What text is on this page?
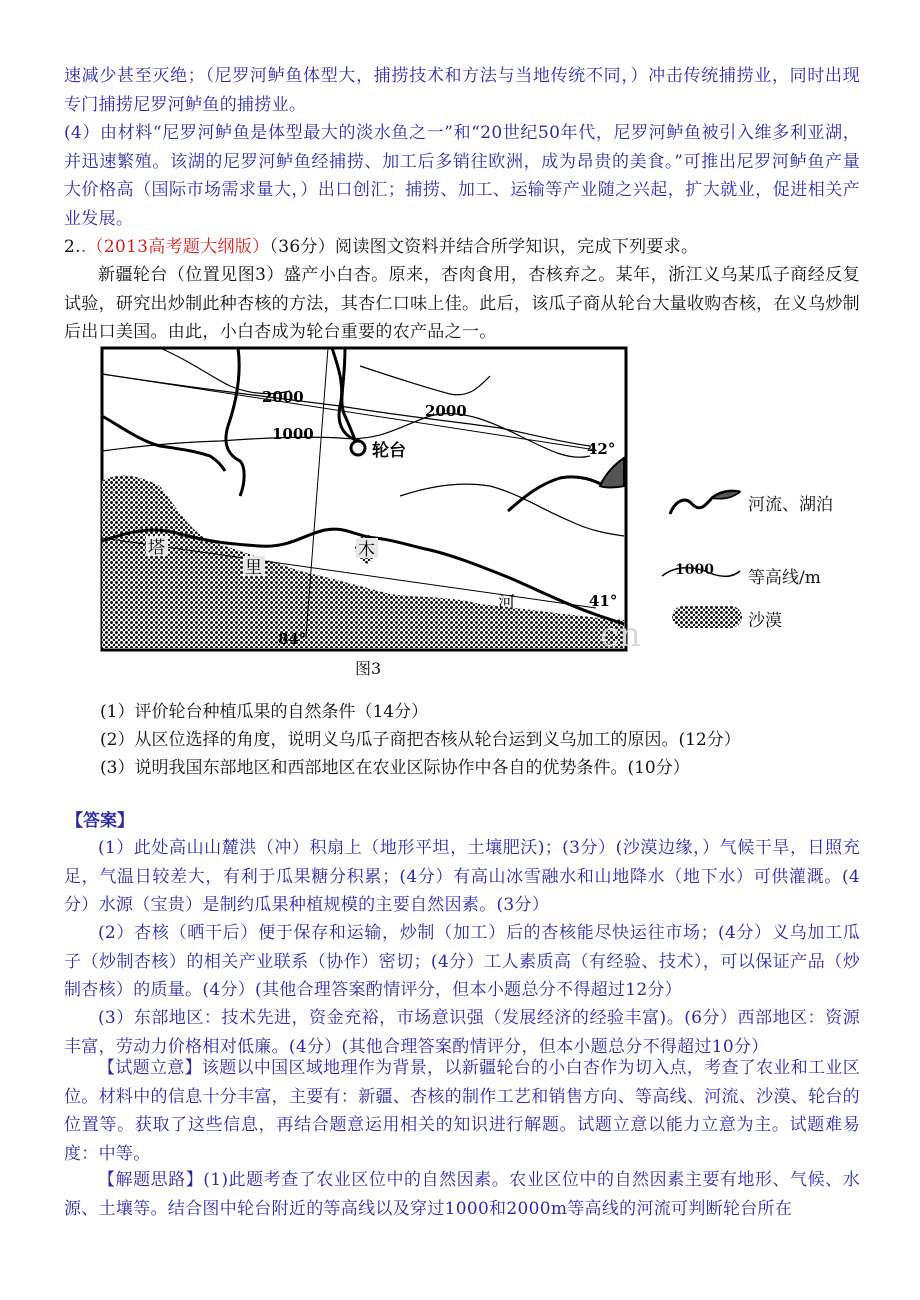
速减少甚至灭绝；（尼罗河鲈鱼体型大，捕捞技术和方法与当地传统不同，）冲击传统捕捞业，同时出现专门捕捞尼罗河鲈鱼的捕捞业。

(4）由材料“尼罗河鲈鱼是体型最大的淡水鱼之一”和“20世纪50年代，尼罗河鲈鱼被引入维多利亚湖，并迅速繁殖。该湖的尼罗河鲈鱼经捕捞、加工后多销往欧洲，成为昂贵的美食。”可推出尼罗河鲈鱼产量大价格高（国际市场需求量大，）出口创汇；捕捞、加工、运输等产业随之兴起，扩大就业，促进相关产业发展。

2..（2013高考题大纲版）（36分）阅读图文资料并结合所学知识，完成下列要求。

新疆轮台（位置见图3）盛产小白杏。原来，杏肉食用，杏核弃之。某年，浙江义乌某瓜子商经反复试验，研究出炒制此种杏核的方法，其杏仁口味上佳。此后，该瓜子商从轮台大量收购杏核，在义乌炒制后出口美国。由此，小白杏成为轮台重要的农产品之一。

2000
2000
1000
轮台	42°
41°
84°
塔
里
木
河
cn
1000
河流、湖泊
等高线/m
沙漠
图3
(1）评价轮台种植瓜果的自然条件（14分）
(2）从区位选择的角度，说明义乌瓜子商把杏核从轮台运到义乌加工的原因。(12分）
(3）说明我国东部地区和西部地区在农业区际协作中各自的优势条件。(10分）
【答案】

(1）此处高山山麓洪（冲）积扇上（地形平坦，土壤肥沃)；(3分）(沙漠边缘，）气候干旱，日照充足，气温日较差大，有利于瓜果糖分积累；(4分）有高山冰雪融水和山地降水（地下水）可供灌溉。(4分）水源（宝贵）是制约瓜果种植规模的主要自然因素。(3分）

(2）杏核（晒干后）便于保存和运输，炒制（加工）后的杏核能尽快运往市场；(4分）义乌加工瓜子（炒制杏核）的相关产业联系（协作）密切；(4分）工人素质高（有经验、技术），可以保证产品（炒制杏核）的质量。(4分）(其他合理答案酌情评分，但本小题总分不得超过12分）

(3）东部地区：技术先进，资金充裕，市场意识强（发展经济的经验丰富)。(6分）西部地区：资源丰富，劳动力价格相对低廉。(4分）(其他合理答案酌情评分，但本小题总分不得超过10分）

【试题立意】该题以中国区域地理作为背景，以新疆轮台的小白杏作为切入点，考查了农业和工业区位。材料中的信息十分丰富，主要有：新疆、杏核的制作工艺和销售方向、等高线、河流、沙漠、轮台的位置等。获取了这些信息，再结合题意运用相关的知识进行解题。试题立意以能力立意为主。试题难易度：中等。

【解题思路】(1)此题考查了农业区位中的自然因素。农业区位中的自然因素主要有地形、气候、水源、土壤等。结合图中轮台附近的等高线以及穿过1000和2000m等高线的河流可判断轮台所在
